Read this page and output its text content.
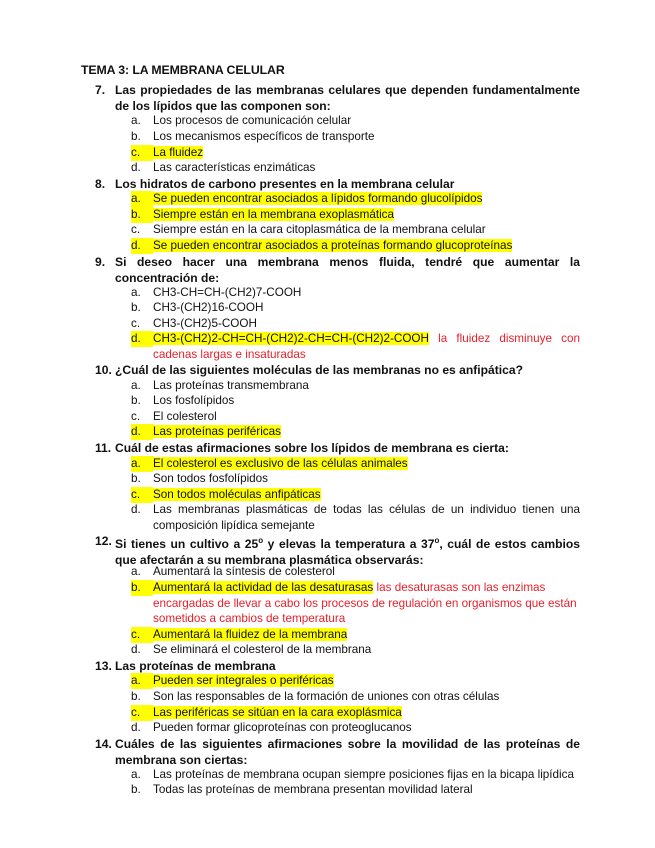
TEMA 3: LA MEMBRANA CELULAR
7. Las propiedades de las membranas celulares que dependen fundamentalmente de los lípidos que las componen son:
a.	Los procesos de comunicación celular
b.	Los mecanismos específicos de transporte
c.	La fluidez
d.	Las características enzimáticas
8. Los hidratos de carbono presentes en la membrana celular
a.	Se pueden encontrar asociados a lípidos formando glucolípidos
b.	Siempre están en la membrana exoplasmática
c.	Siempre están en la cara citoplasmática de la membrana celular
d.	Se pueden encontrar asociados a proteínas formando glucoproteínas
9. Si deseo hacer una membrana menos fluida, tendré que aumentar la concentración de:
a.	CH3-CH=CH-(CH2)7-COOH
b.	CH3-(CH2)16-COOH
c.	CH3-(CH2)5-COOH
d.	CH3-(CH2)2-CH=CH-(CH2)2-CH=CH-(CH2)2-COOH la fluidez disminuye con cadenas largas e insaturadas
10. ¿Cuál de las siguientes moléculas de las membranas no es anfipática?
a.	Las proteínas transmembrana
b.	Los fosfolípidos
c.	El colesterol
d.	Las proteínas periféricas
11. Cuál de estas afirmaciones sobre los lípidos de membrana es cierta:
a.	El colesterol es exclusivo de las células animales
b.	Son todos fosfolípidos
c.	Son todos moléculas anfipáticas
d.	Las membranas plasmáticas de todas las células de un individuo tienen una composición lipídica semejante
12. Si tienes un cultivo a 25$^o$ y elevas la temperatura a 37$^o$, cuál de estos cambios que afectarán a su membrana plasmática observarás:
a.	Aumentará la síntesis de colesterol
b.	Aumentará la actividad de las desaturasas las desaturasas son las enzimas encargadas de llevar a cabo los procesos de regulación en organismos que están sometidos a cambios de temperatura
c.	Aumentará la fluidez de la membrana
d.	Se eliminará el colesterol de la membrana
13. Las proteínas de membrana
a.	Pueden ser integrales o periféricas
b.	Son las responsables de la formación de uniones con otras células
c.	Las periféricas se sitúan en la cara exoplásmica
d.	Pueden formar glicoproteínas con proteoglucanos
14. Cuáles de las siguientes afirmaciones sobre la movilidad de las proteínas de membrana son ciertas:
a.	Las proteínas de membrana ocupan siempre posiciones fijas en la bicapa lipídica
b.	Todas las proteínas de membrana presentan movilidad lateral
